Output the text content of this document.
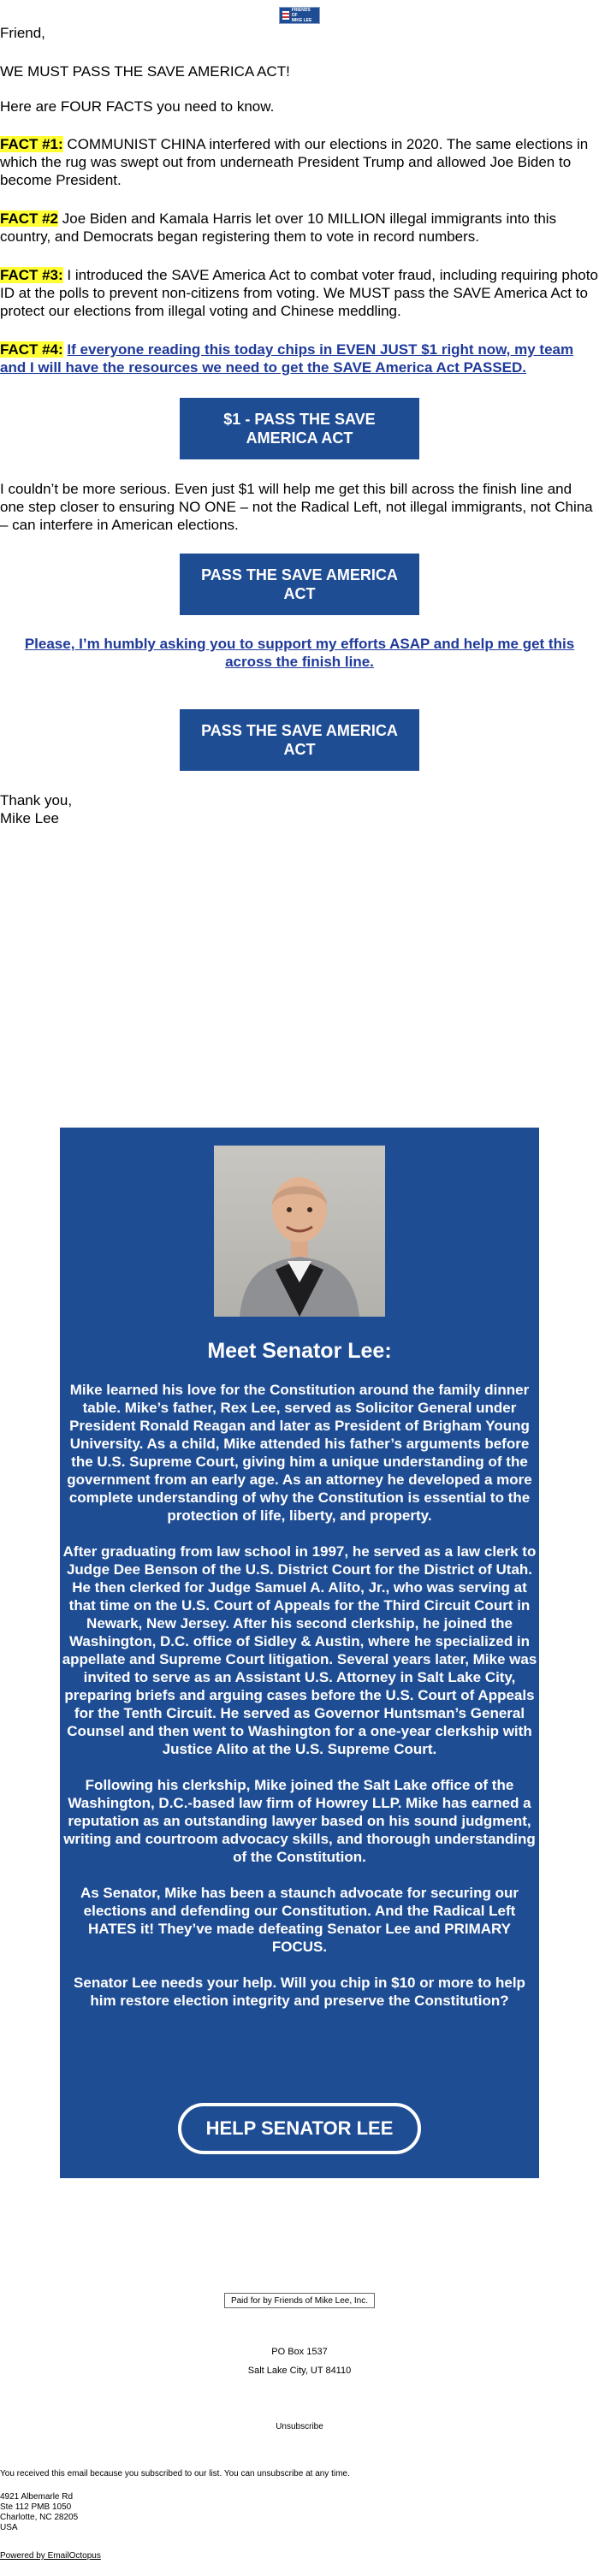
FRIENDS OF
MIKE LEE

Friend,

WE MUST PASS THE SAVE AMERICA ACT!

Here are FOUR FACTS you need to know.

FACT #1: COMMUNIST CHINA interfered with our elections in 2020. The same elections in which the rug was swept out from underneath President Trump and allowed Joe Biden to become President.

FACT #2 Joe Biden and Kamala Harris let over 10 MILLION illegal immigrants into this country, and Democrats began registering them to vote in record numbers.

FACT #3: I introduced the SAVE America Act to combat voter fraud, including requiring photo ID at the polls to prevent non-citizens from voting. We MUST pass the SAVE America Act to protect our elections from illegal voting and Chinese meddling.

FACT #4: If everyone reading this today chips in EVEN JUST $1 right now, my team and I will have the resources we need to get the SAVE America Act PASSED.

$1 - PASS THE SAVE AMERICA ACT

I couldn’t be more serious. Even just $1 will help me get this bill across the finish line and one step closer to ensuring NO ONE – not the Radical Left, not illegal immigrants, not China – can interfere in American elections.

PASS THE SAVE AMERICA ACT

Please, I’m humbly asking you to support my efforts ASAP and help me get this across the finish line.

PASS THE SAVE AMERICA ACT

Thank you,

Mike Lee

Meet Senator Lee:

Mike learned his love for the Constitution around the family dinner table. Mike’s father, Rex Lee, served as Solicitor General under President Ronald Reagan and later as President of Brigham Young University. As a child, Mike attended his father’s arguments before the U.S. Supreme Court, giving him a unique understanding of the government from an early age. As an attorney he developed a more complete understanding of why the Constitution is essential to the protection of life, liberty, and property.

After graduating from law school in 1997, he served as a law clerk to Judge Dee Benson of the U.S. District Court for the District of Utah. He then clerked for Judge Samuel A. Alito, Jr., who was serving at that time on the U.S. Court of Appeals for the Third Circuit Court in Newark, New Jersey. After his second clerkship, he joined the Washington, D.C. office of Sidley & Austin, where he specialized in appellate and Supreme Court litigation. Several years later, Mike was invited to serve as an Assistant U.S. Attorney in Salt Lake City, preparing briefs and arguing cases before the U.S. Court of Appeals for the Tenth Circuit. He served as Governor Huntsman’s General Counsel and then went to Washington for a one-year clerkship with Justice Alito at the U.S. Supreme Court.

Following his clerkship, Mike joined the Salt Lake office of the Washington, D.C.-based law firm of Howrey LLP. Mike has earned a reputation as an outstanding lawyer based on his sound judgment, writing and courtroom advocacy skills, and thorough understanding of the Constitution.

As Senator, Mike has been a staunch advocate for securing our elections and defending our Constitution. And the Radical Left HATES it! They’ve made defeating Senator Lee and PRIMARY FOCUS.

Senator Lee needs your help. Will you chip in $10 or more to help him restore election integrity and preserve the Constitution?

HELP SENATOR LEE
Paid for by Friends of Mike Lee, Inc.
PO Box 1537
Salt Lake City, UT 84110
Unsubscribe
You received this email because you subscribed to our list. You can unsubscribe at any time.
4921 Albemarle Rd
Ste 112 PMB 1050
Charlotte, NC 28205
USA
Powered by EmailOctopus
